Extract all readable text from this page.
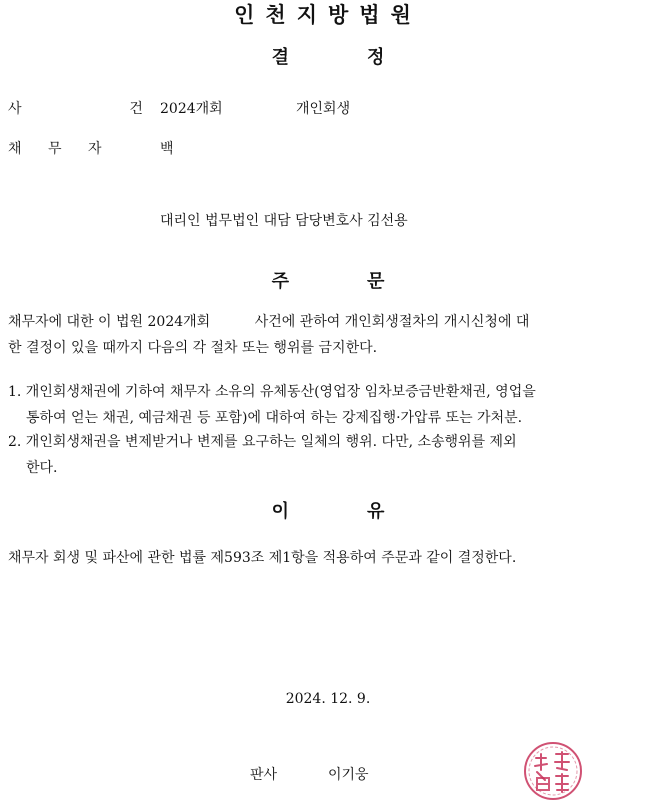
인천지방법원
결	정
사    건 2024개회	개인회생
채 무 자	백
대리인 법무법인 대담 담당변호사 김선용
주	문
채무자에 대한 이 법원 2024개회          사건에 관하여 개인회생절차의 개시신청에 대
한 결정이 있을 때까지 다음의 각 절차 또는 행위를 금지한다.
1. 개인회생채권에 기하여 채무자 소유의 유체동산(영업장 임차보증금반환채권, 영업을
통하여 얻는 채권, 예금채권 등 포함)에 대하여 하는 강제집행·가압류 또는 가처분.
2. 개인회생채권을 변제받거나 변제를 요구하는 일체의 행위. 다만, 소송행위를 제외
한다.
이	유
채무자 회생 및 파산에 관한 법률 제593조 제1항을 적용하여 주문과 같이 결정한다.
2024. 12. 9.
판사	이기웅
